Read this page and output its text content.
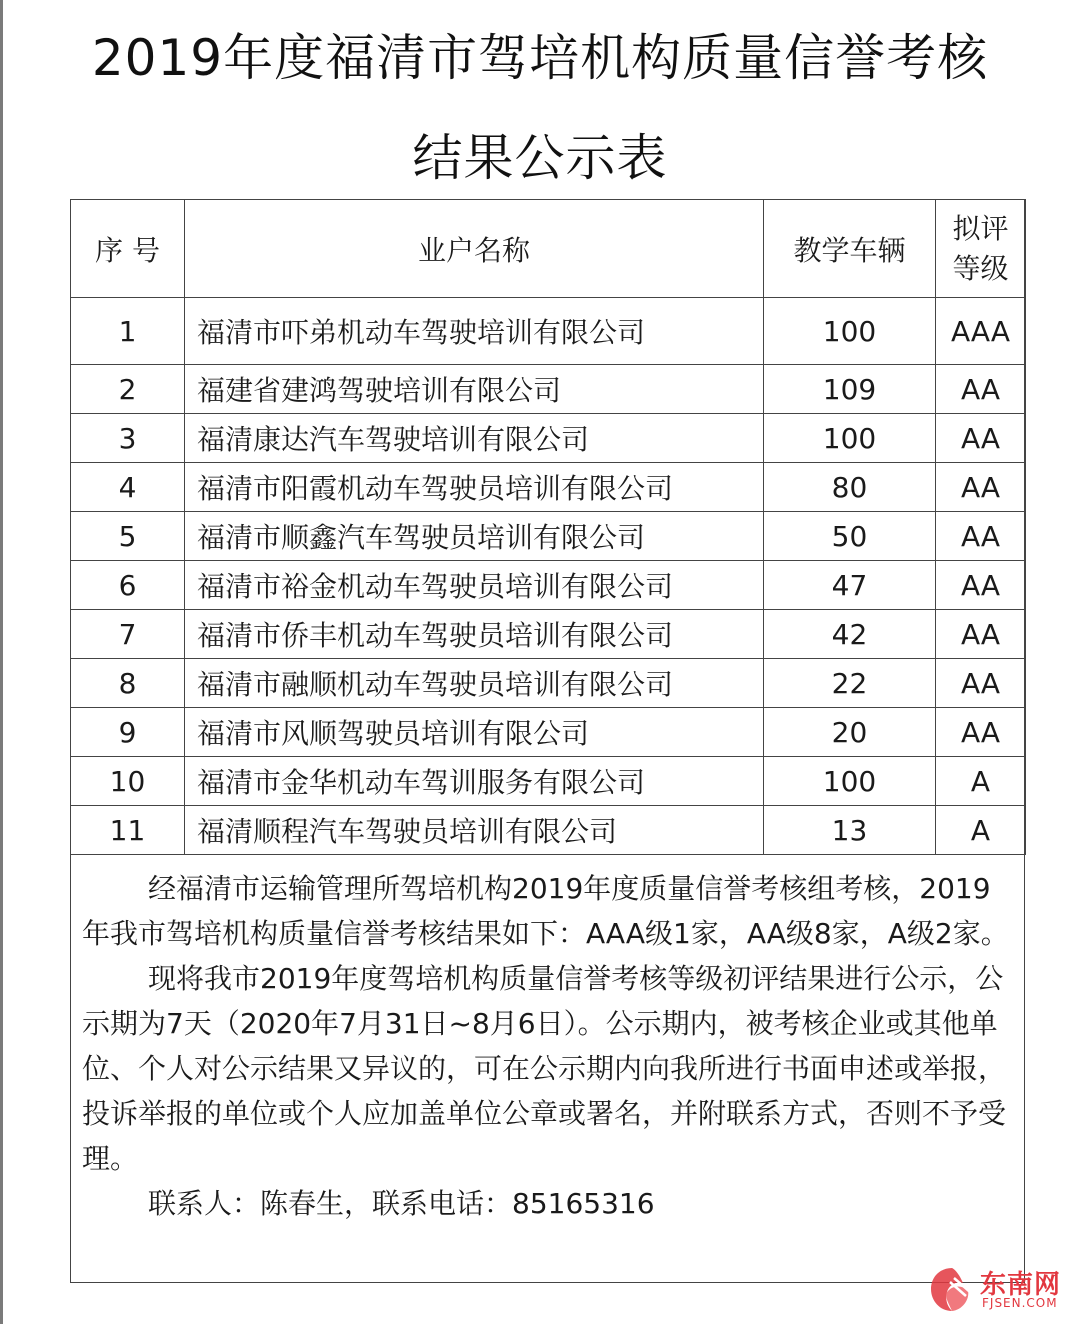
2019年度福清市驾培机构质量信誉考核
结果公示表
序 号	业户名称	教学车辆	拟评
等级
1	福清市吓弟机动车驾驶培训有限公司	100	AAA
2	福建省建鸿驾驶培训有限公司	109	AA
3	福清康达汽车驾驶培训有限公司	100	AA
4	福清市阳霞机动车驾驶员培训有限公司	80	AA
5	福清市顺鑫汽车驾驶员培训有限公司	50	AA
6	福清市裕金机动车驾驶员培训有限公司	47	AA
7	福清市侨丰机动车驾驶员培训有限公司	42	AA
8	福清市融顺机动车驾驶员培训有限公司	22	AA
9	福清市风顺驾驶员培训有限公司	20	AA
10	福清市金华机动车驾训服务有限公司	100	A
11	福清顺程汽车驾驶员培训有限公司	13	A

经福清市运输管理所驾培机构2019年度质量信誉考核组考核，2019年我市驾培机构质量信誉考核结果如下：AAA级1家，AA级8家，A级2家。

现将我市2019年度驾培机构质量信誉考核等级初评结果进行公示，公示期为7天（2020年7月31日~8月6日）。公示期内，被考核企业或其他单位、个人对公示结果又异议的，可在公示期内向我所进行书面申述或举报，投诉举报的单位或个人应加盖单位公章或署名，并附联系方式，否则不予受理。

联系人：陈春生，联系电话：85165316

东南网
FJSEN.COM
